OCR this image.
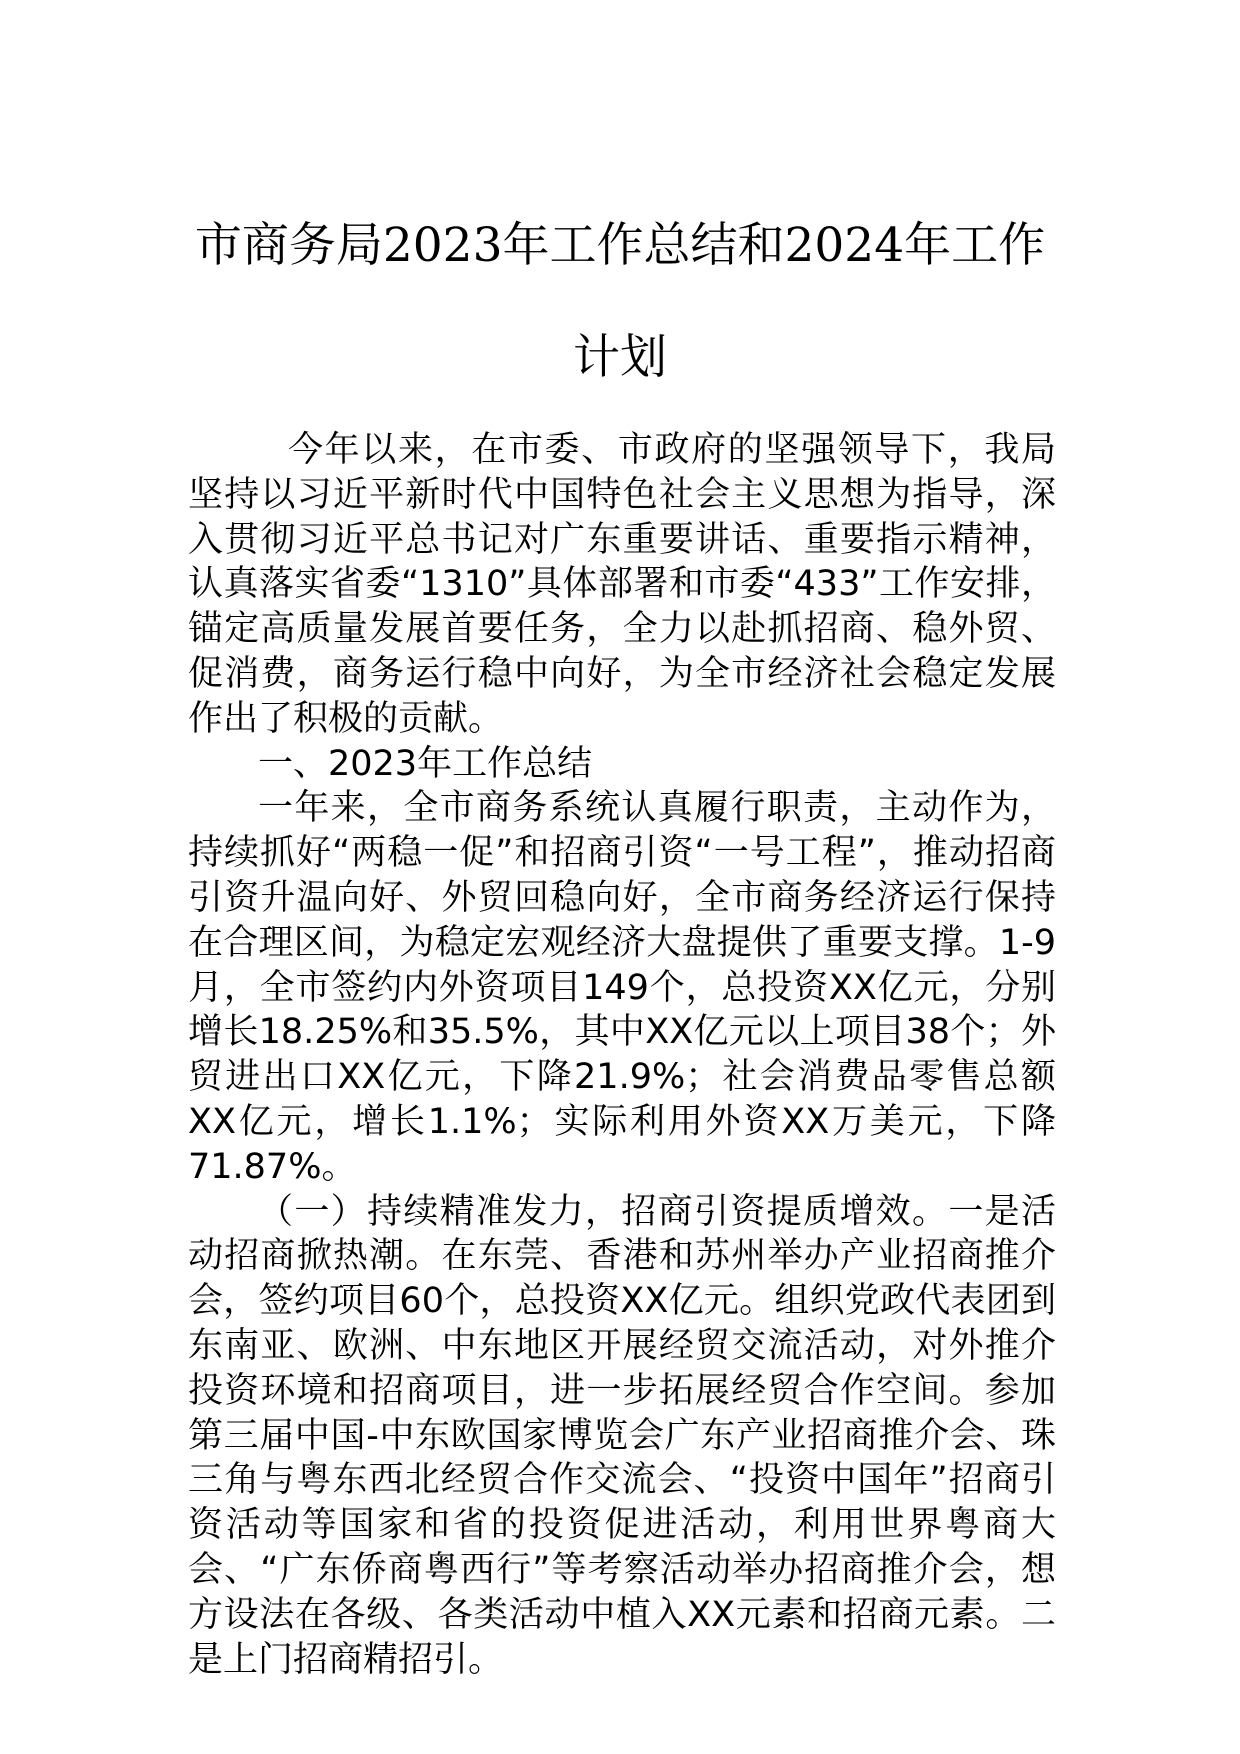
市商务局2023年工作总结和2024年工作计划

今年以来，在市委、市政府的坚强领导下，我局坚持以习近平新时代中国特色社会主义思想为指导，深入贯彻习近平总书记对广东重要讲话、重要指示精神，认真落实省委“1310”具体部署和市委“433”工作安排，锚定高质量发展首要任务，全力以赴抓招商、稳外贸、促消费，商务运行稳中向好，为全市经济社会稳定发展作出了积极的贡献。

一、2023年工作总结

一年来，全市商务系统认真履行职责，主动作为，持续抓好“两稳一促”和招商引资“一号工程”，推动招商引资升温向好、外贸回稳向好，全市商务经济运行保持在合理区间，为稳定宏观经济大盘提供了重要支撑。1-9月，全市签约内外资项目149个，总投资XX亿元，分别增长18.25%和35.5%，其中XX亿元以上项目38个；外贸进出口XX亿元，下降21.9%；社会消费品零售总额XX亿元，增长1.1%；实际利用外资XX万美元，下降71.87%。

（一）持续精准发力，招商引资提质增效。一是活动招商掀热潮。在东莞、香港和苏州举办产业招商推介会，签约项目60个，总投资XX亿元。组织党政代表团到东南亚、欧洲、中东地区开展经贸交流活动，对外推介投资环境和招商项目，进一步拓展经贸合作空间。参加第三届中国-中东欧国家博览会广东产业招商推介会、珠三角与粤东西北经贸合作交流会、“投资中国年”招商引资活动等国家和省的投资促进活动，利用世界粤商大会、“广东侨商粤西行”等考察活动举办招商推介会，想方设法在各级、各类活动中植入XX元素和招商元素。二是上门招商精招引。
